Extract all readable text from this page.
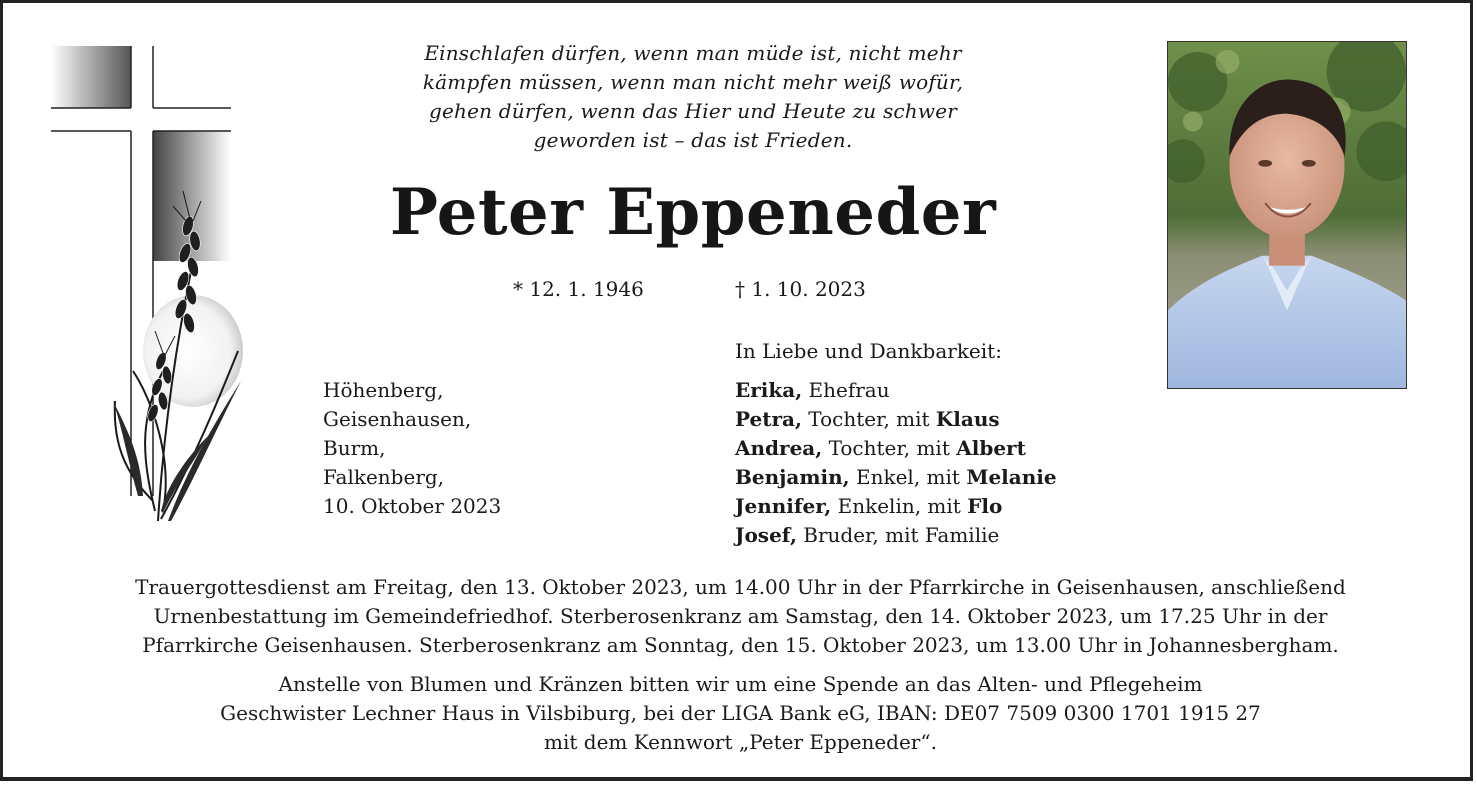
Einschlafen dürfen, wenn man müde ist, nicht mehr
kämpfen müssen, wenn man nicht mehr weiß wofür,
gehen dürfen, wenn das Hier und Heute zu schwer
geworden ist – das ist Frieden.
Peter Eppeneder
* 12. 1. 1946	† 1. 10. 2023
Höhenberg,
Geisenhausen,
Burm,
Falkenberg,
10. Oktober 2023
In Liebe und Dankbarkeit:
Erika, Ehefrau
Petra, Tochter, mit Klaus
Andrea, Tochter, mit Albert
Benjamin, Enkel, mit Melanie
Jennifer, Enkelin, mit Flo
Josef, Bruder, mit Familie
Trauergottesdienst am Freitag, den 13. Oktober 2023, um 14.00 Uhr in der Pfarrkirche in Geisenhausen, anschließend
Urnenbestattung im Gemeindefriedhof. Sterberosenkranz am Samstag, den 14. Oktober 2023, um 17.25 Uhr in der
Pfarrkirche Geisenhausen. Sterberosenkranz am Sonntag, den 15. Oktober 2023, um 13.00 Uhr in Johannesbergham.
Anstelle von Blumen und Kränzen bitten wir um eine Spende an das Alten- und Pflegeheim
Geschwister Lechner Haus in Vilsbiburg, bei der LIGA Bank eG, IBAN: DE07 7509 0300 1701 1915 27
mit dem Kennwort „Peter Eppeneder“.
